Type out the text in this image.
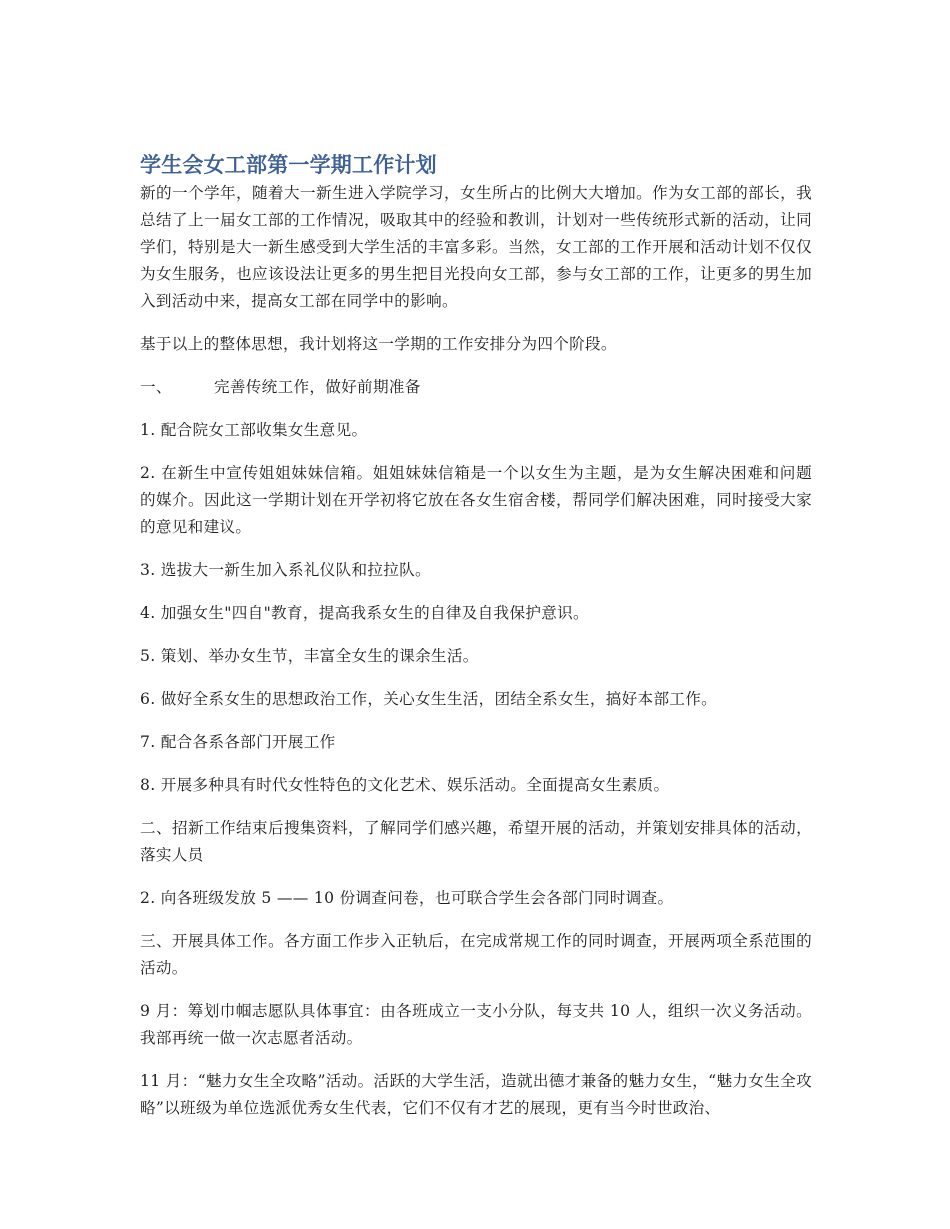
学生会女工部第一学期工作计划

新的一个学年，随着大一新生进入学院学习，女生所占的比例大大增加。作为女工部的部长，我总结了上一届女工部的工作情况，吸取其中的经验和教训，计划对一些传统形式新的活动，让同学们，特别是大一新生感受到大学生活的丰富多彩。当然，女工部的工作开展和活动计划不仅仅为女生服务，也应该设法让更多的男生把目光投向女工部，参与女工部的工作，让更多的男生加入到活动中来，提高女工部在同学中的影响。

基于以上的整体思想，我计划将这一学期的工作安排分为四个阶段。

一、	完善传统工作，做好前期准备

1. 配合院女工部收集女生意见。

2. 在新生中宣传姐姐妹妹信箱。姐姐妹妹信箱是一个以女生为主题，是为女生解决困难和问题的媒介。因此这一学期计划在开学初将它放在各女生宿舍楼，帮同学们解决困难，同时接受大家的意见和建议。

3. 选拔大一新生加入系礼仪队和拉拉队。

4. 加强女生"四自"教育，提高我系女生的自律及自我保护意识。

5. 策划、举办女生节，丰富全女生的课余生活。

6. 做好全系女生的思想政治工作，关心女生生活，团结全系女生，搞好本部工作。

7. 配合各系各部门开展工作

8. 开展多种具有时代女性特色的文化艺术、娱乐活动。全面提高女生素质。

二、招新工作结束后搜集资料，了解同学们感兴趣，希望开展的活动，并策划安排具体的活动，落实人员

2. 向各班级发放 5 —— 10 份调查问卷，也可联合学生会各部门同时调查。

三、开展具体工作。各方面工作步入正轨后，在完成常规工作的同时调查，开展两项全系范围的活动。

9 月：筹划巾帼志愿队具体事宜：由各班成立一支小分队，每支共 10 人，组织一次义务活动。我部再统一做一次志愿者活动。

11 月：“魅力女生全攻略”活动。活跃的大学生活，造就出德才兼备的魅力女生，“魅力女生全攻略”以班级为单位选派优秀女生代表，它们不仅有才艺的展现，更有当今时世政治、
